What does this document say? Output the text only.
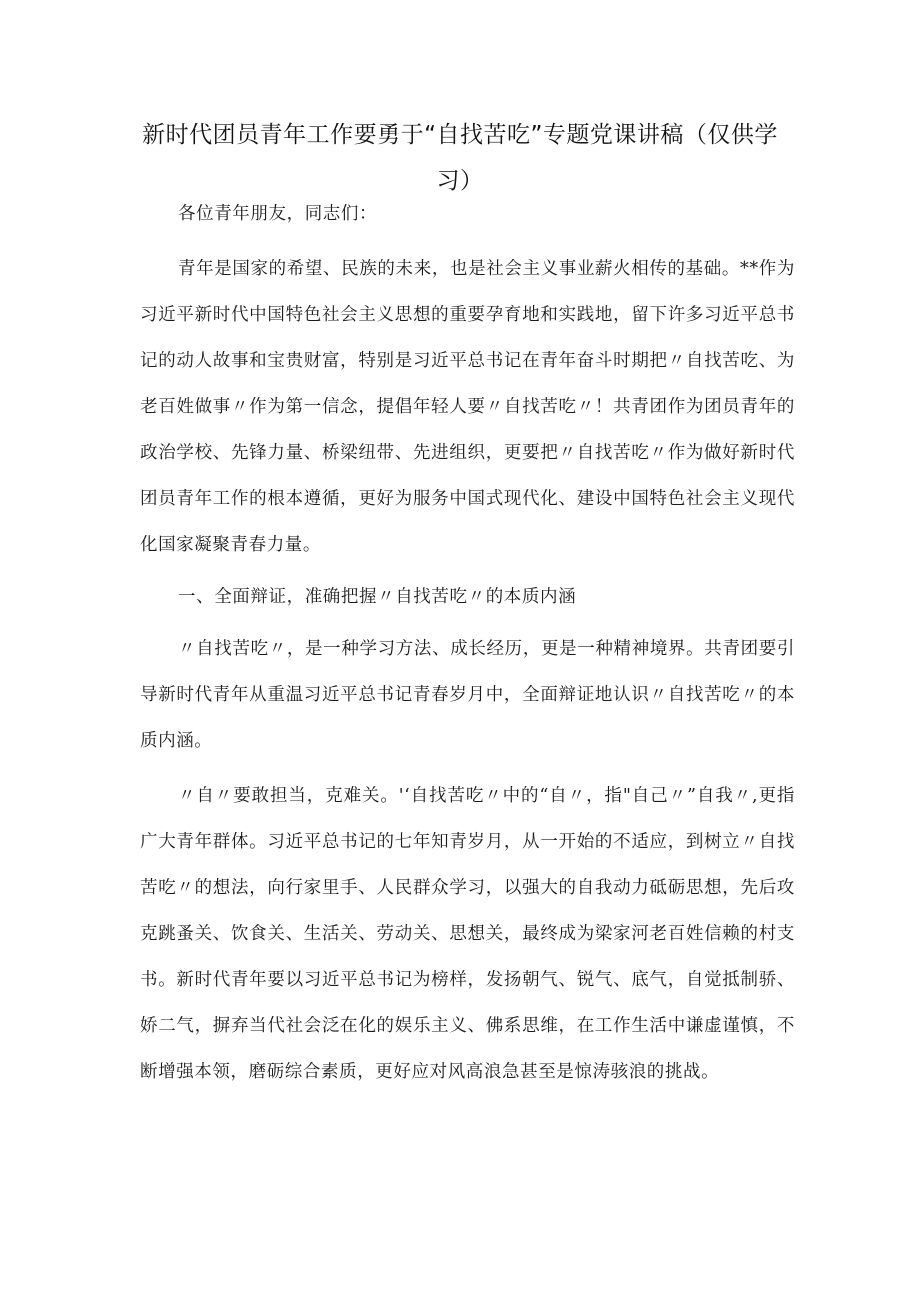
新时代团员青年工作要勇于“自找苦吃”专题党课讲稿（仅供学习）

各位青年朋友，同志们：

青年是国家的希望、民族的未来，也是社会主义事业薪火相传的基础。**作为习近平新时代中国特色社会主义思想的重要孕育地和实践地，留下许多习近平总书记的动人故事和宝贵财富，特别是习近平总书记在青年奋斗时期把〃自找苦吃、为老百姓做事〃作为第一信念，提倡年轻人要〃自找苦吃〃！共青团作为团员青年的政治学校、先锋力量、桥梁纽带、先进组织，更要把〃自找苦吃〃作为做好新时代团员青年工作的根本遵循，更好为服务中国式现代化、建设中国特色社会主义现代化国家凝聚青春力量。

一、全面辩证，准确把握〃自找苦吃〃的本质内涵

〃自找苦吃〃，是一种学习方法、成长经历，更是一种精神境界。共青团要引导新时代青年从重温习近平总书记青春岁月中，全面辩证地认识〃自找苦吃〃的本质内涵。

〃自〃要敢担当，克难关。'‘自找苦吃〃中的“自〃，指"自己〃”自我〃,更指广大青年群体。习近平总书记的七年知青岁月，从一开始的不适应，到树立〃自找苦吃〃的想法，向行家里手、人民群众学习，以强大的自我动力砥砺思想，先后攻克跳蚤关、饮食关、生活关、劳动关、思想关，最终成为梁家河老百姓信赖的村支书。新时代青年要以习近平总书记为榜样，发扬朝气、锐气、底气，自觉抵制骄、娇二气，摒弃当代社会泛在化的娱乐主义、佛系思维，在工作生活中谦虚谨慎，不断增强本领，磨砺综合素质，更好应对风高浪急甚至是惊涛骇浪的挑战。
